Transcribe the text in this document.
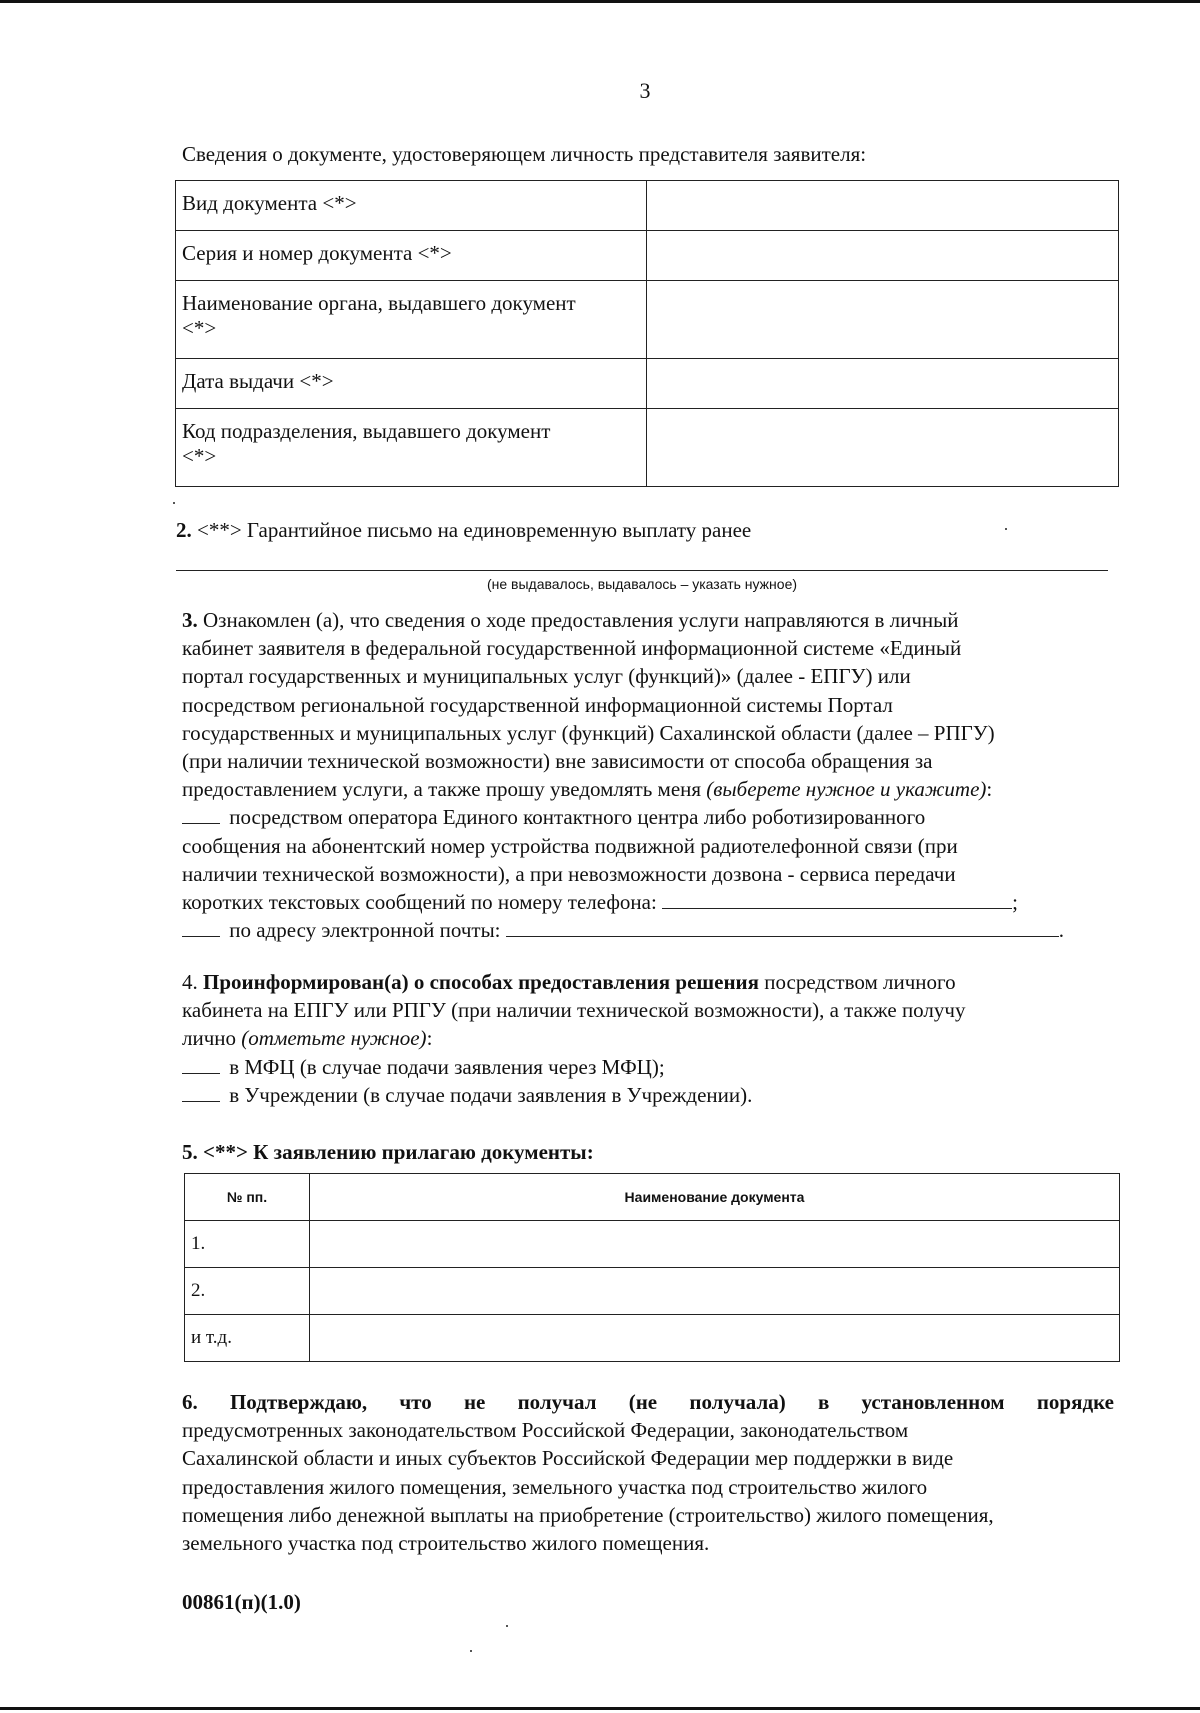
3
Сведения о документе, удостоверяющем личность представителя заявителя:
Вид документа <*>	
Серия и номер документа <*>	
Наименование органа, выдавшего документ
<*>	
Дата выдачи <*>	
Код подразделения, выдавшего документ
<*>	
2. <**> Гарантийное письмо на единовременную выплату ранее
(не выдавалось, выдавалось – указать нужное)
3. Ознакомлен (а), что сведения о ходе предоставления услуги направляются в личный
кабинет заявителя в федеральной государственной информационной системе «Единый
портал государственных и муниципальных услуг (функций)» (далее - ЕПГУ) или
посредством региональной государственной информационной системы Портал
государственных и муниципальных услуг (функций) Сахалинской области (далее – РПГУ)
(при наличии технической возможности) вне зависимости от способа обращения за
предоставлением услуги, а также прошу уведомлять меня (выберете нужное и укажите):
посредством оператора Единого контактного центра либо роботизированного
сообщения на абонентский номер устройства подвижной радиотелефонной связи (при
наличии технической возможности), а при невозможности дозвона - сервиса передачи
коротких текстовых сообщений по номеру телефона:	;
по адресу электронной почты:	.
4. Проинформирован(а) о способах предоставления решения посредством личного
кабинета на ЕПГУ или РПГУ (при наличии технической возможности), а также получу
лично (отметьте нужное):
в МФЦ (в случае подачи заявления через МФЦ);
в Учреждении (в случае подачи заявления в Учреждении).
5. <**> К заявлению прилагаю документы:
№ пп.	Наименование документа
1.	
2.	
и т.д.	
6. Подтверждаю, что не получал (не получала) в установленном порядке
предусмотренных законодательством Российской Федерации, законодательством
Сахалинской области и иных субъектов Российской Федерации мер поддержки в виде
предоставления жилого помещения, земельного участка под строительство жилого
помещения либо денежной выплаты на приобретение (строительство) жилого помещения,
земельного участка под строительство жилого помещения.
00861(п)(1.0)
